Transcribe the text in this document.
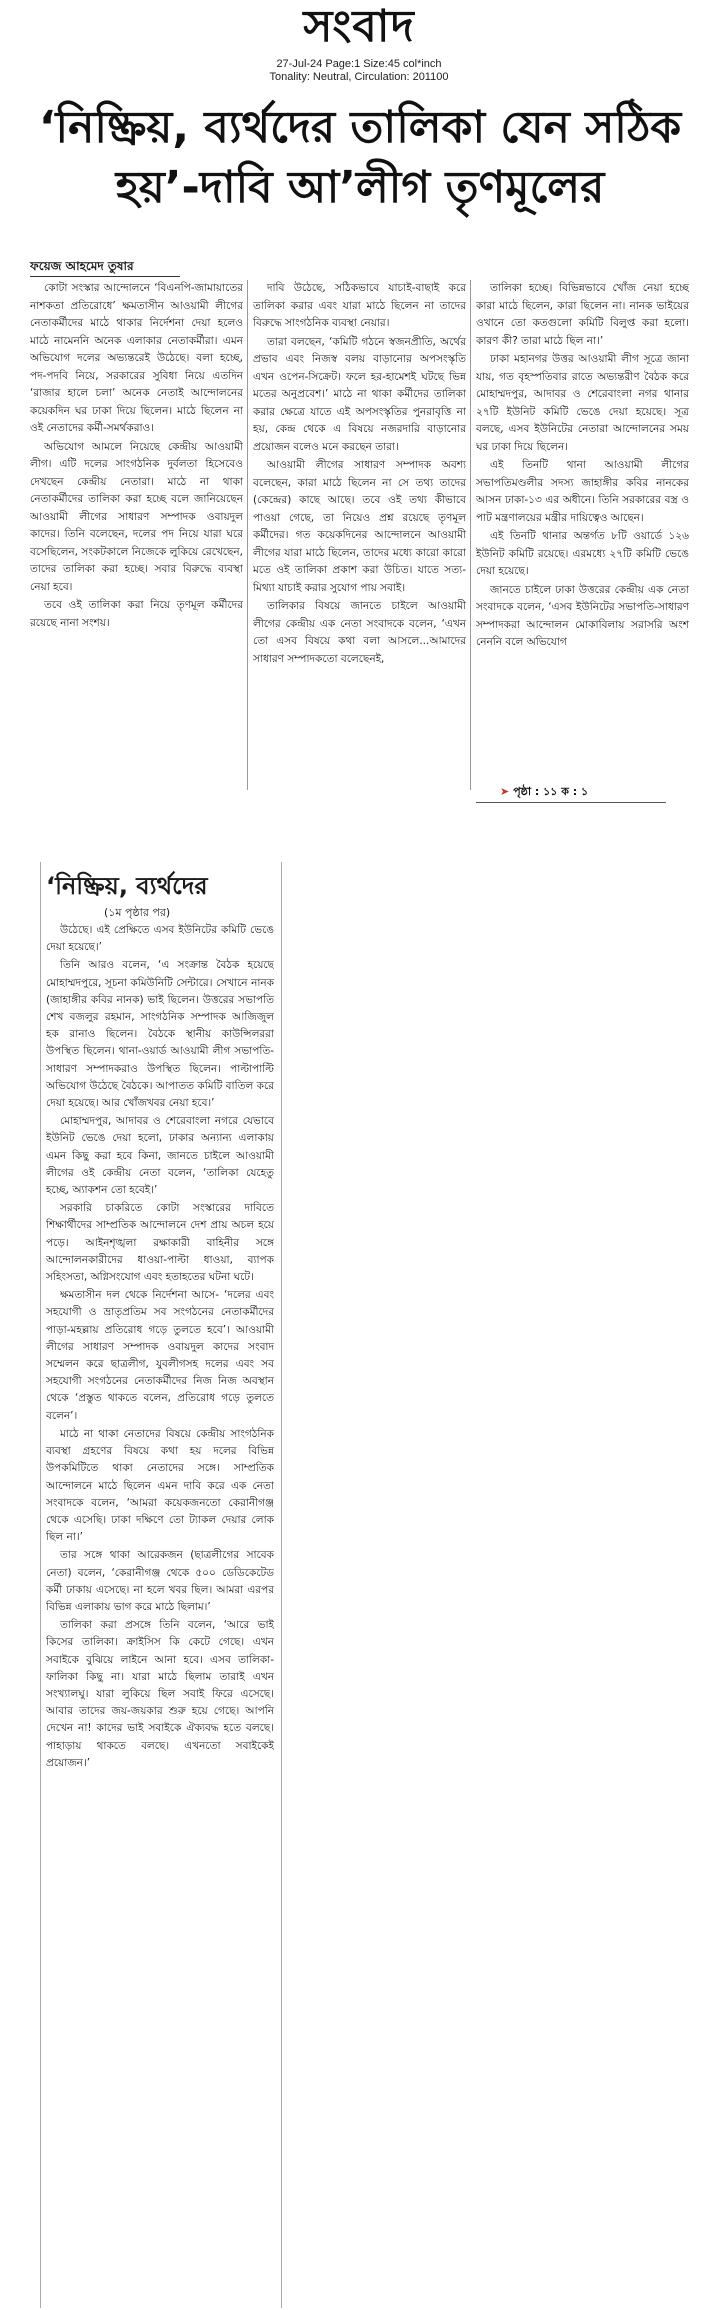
সংবাদ
27-Jul-24 Page:1 Size:45 col*inch
Tonality: Neutral, Circulation: 201100
‘নিষ্ক্রিয়, ব্যর্থদের তালিকা যেন সঠিক হয়’-দাবি আ’লীগ তৃণমূলের
ফয়েজ আহমেদ তুষার

কোটা সংস্কার আন্দোলনে ‘বিএনপি-জামায়াতের নাশকতা প্রতিরোধে’ ক্ষমতাসীন আওয়ামী লীগের নেতাকর্মীদের মাঠে থাকার নির্দেশনা দেয়া হলেও মাঠে নামেননি অনেক এলাকার নেতাকর্মীরা। এমন অভিযোগ দলের অভ্যন্তরেই উঠেছে। বলা হচ্ছে, পদ-পদবি নিয়ে, সরকারের সুবিধা নিয়ে এতদিন ‘রাজার হালে চলা’ অনেক নেতাই আন্দোলনের কয়েকদিন ঘর ঢাকা দিয়ে ছিলেন। মাঠে ছিলেন না ওই নেতাদের কর্মী-সমর্থকরাও।

অভিযোগ আমলে নিয়েছে কেন্দ্রীয় আওয়ামী লীগ। এটি দলের সাংগঠনিক দুর্বলতা হিসেবেও দেখছেন কেন্দ্রীয় নেতারা। মাঠে না থাকা নেতাকর্মীদের তালিকা করা হচ্ছে বলে জানিয়েছেন আওয়ামী লীগের সাধারণ সম্পাদক ওবায়দুল কাদের। তিনি বলেছেন, দলের পদ নিয়ে যারা ঘরে বসেছিলেন, সংকটকালে নিজেকে লুকিয়ে রেখেছেন, তাদের তালিকা করা হচ্ছে। সবার বিরুদ্ধে ব্যবস্থা নেয়া হবে।

তবে ওই তালিকা করা নিয়ে তৃণমূল কর্মীদের রয়েছে নানা সংশয়।

দাবি উঠেছে, সঠিকভাবে যাচাই-বাছাই করে তালিকা করার এবং যারা মাঠে ছিলেন না তাদের বিরুদ্ধে সাংগঠনিক ব্যবস্থা নেয়ার।

তারা বলছেন, ‘কমিটি গঠনে স্বজনপ্রীতি, অর্থের প্রভাব এবং নিজস্ব বলয় বাড়ানোর অপসংস্কৃতি এখন ওপেন-সিক্রেট। ফলে হর-হামেশই ঘটছে ভিন্ন মতের অনুপ্রবেশ।’ মাঠে না থাকা কর্মীদের তালিকা করার ক্ষেত্রে যাতে এই অপসংস্কৃতির পুনরাবৃত্তি না হয়, কেন্দ্র থেকে এ বিষয়ে নজরদারি বাড়ানোর প্রয়োজন বলেও মনে করছেন তারা।

আওয়ামী লীগের সাধারণ সম্পাদক অবশ্য বলেছেন, কারা মাঠে ছিলেন না সে তথ্য তাদের (কেন্দ্রের) কাছে আছে। তবে ওই তথ্য কীভাবে পাওয়া গেছে, তা নিয়েও প্রশ্ন রয়েছে তৃণমূল কর্মীদের। গত কয়েকদিনের আন্দোলনে আওয়ামী লীগের যারা মাঠে ছিলেন, তাদের মধ্যে কারো কারো মতে ওই তালিকা প্রকাশ করা উচিত। যাতে সত্য-মিথ্যা যাচাই করার সুযোগ পায় সবাই।

তালিকার বিষয়ে জানতে চাইলে আওয়ামী লীগের কেন্দ্রীয় এক নেতা সংবাদকে বলেন, ‘এখন তো এসব বিষয়ে কথা বলা আসলে...আমাদের সাধারণ সম্পাদকতো বলেছেনই,

তালিকা হচ্ছে। বিভিন্নভাবে খোঁজ নেয়া হচ্ছে কারা মাঠে ছিলেন, কারা ছিলেন না। নানক ভাইয়ের ওখানে তো কতগুলো কমিটি বিলুপ্ত করা হলো। কারণ কী? তারা মাঠে ছিল না।’

ঢাকা মহানগর উত্তর আওয়ামী লীগ সূত্রে জানা যায়, গত বৃহস্পতিবার রাতে অভ্যন্তরীণ বৈঠক করে মোহাম্মদপুর, আদাবর ও শেরেবাংলা নগর থানার ২৭টি ইউনিট কমিটি ভেঙে দেয়া হয়েছে। সূত্র বলছে, এসব ইউনিটের নেতারা আন্দোলনের সময় ঘর ঢাকা দিয়ে ছিলেন।

এই তিনটি থানা আওয়ামী লীগের সভাপতিমণ্ডলীর সদস্য জাহাঙ্গীর কবির নানকের আসন ঢাকা-১৩ এর অধীনে। তিনি সরকারের বস্ত্র ও পাট মন্ত্রণালয়ের মন্ত্রীর দায়িত্বেও আছেন।

এই তিনটি থানার অন্তর্গত ৮টি ওয়ার্ডে ১২৬ ইউনিট কমিটি রয়েছে। এরমধ্যে ২৭টি কমিটি ভেঙে দেয়া হয়েছে।

জানতে চাইলে ঢাকা উত্তরের কেন্দ্রীয় এক নেতা সংবাদকে বলেন, ‘এসব ইউনিটের সভাপতি-সাধারণ সম্পাদকরা আন্দোলন মোকাবিলায় সরাসরি অংশ নেননি বলে অভিযোগ

➤ পৃষ্ঠা : ১১ ক : ১
‘নিষ্ক্রিয়, ব্যর্থদের
(১ম পৃষ্ঠার পর)

উঠেছে। এই প্রেক্ষিতে এসব ইউনিটের কমিটি ভেঙে দেয়া হয়েছে।’

তিনি আরও বলেন, ‘এ সংক্রান্ত বৈঠক হয়েছে মোহাম্মদপুরে, সূচনা কমিউনিটি সেন্টারে। সেখানে নানক (জাহাঙ্গীর কবির নানক) ভাই ছিলেন। উত্তরের সভাপতি শেখ বজলুর রহমান, সাংগঠনিক সম্পাদক আজিজুল হক রানাও ছিলেন। বৈঠকে স্থানীয় কাউন্সিলররা উপস্থিত ছিলেন। থানা-ওয়ার্ড আওয়ামী লীগ সভাপতি-সাধারণ সম্পাদকরাও উপস্থিত ছিলেন। পাল্টাপাল্টি অভিযোগ উঠেছে বৈঠকে। আপাতত কমিটি বাতিল করে দেয়া হয়েছে। আর খোঁজখবর নেয়া হবে।’

মোহাম্মদপুর, আদাবর ও শেরেবাংলা নগরে যেভাবে ইউনিট ভেঙে দেয়া হলো, ঢাকার অন্যান্য এলাকায় এমন কিছু করা হবে কিনা, জানতে চাইলে আওয়ামী লীগের ওই কেন্দ্রীয় নেতা বলেন, ‘তালিকা যেহেতু হচ্ছে, অ্যাকশন তো হবেই।’

সরকারি চাকরিতে কোটা সংস্কারের দাবিতে শিক্ষার্থীদের সাম্প্রতিক আন্দোলনে দেশ প্রায় অচল হয়ে পড়ে। আইনশৃঙ্খলা রক্ষাকারী বাহিনীর সঙ্গে আন্দোলনকারীদের ধাওয়া-পাল্টা ধাওয়া, ব্যাপক সহিংসতা, অগ্নিসংযোগ এবং হতাহতের ঘটনা ঘটে।

ক্ষমতাসীন দল থেকে নির্দেশনা আসে- ‘দলের এবং সহযোগী ও ভ্রাতৃপ্রতিম সব সংগঠনের নেতাকর্মীদের পাড়া-মহল্লায় প্রতিরোধ গড়ে তুলতে হবে’। আওয়ামী লীগের সাধারণ সম্পাদক ওবায়দুল কাদের সংবাদ সম্মেলন করে ছাত্রলীগ, যুবলীগসহ দলের এবং সব সহযোগী সংগঠনের নেতাকর্মীদের নিজ নিজ অবস্থান থেকে ‘প্রস্তুত থাকতে বলেন, প্রতিরোধ গড়ে তুলতে বলেন’।

মাঠে না থাকা নেতাদের বিষয়ে কেন্দ্রীয় সাংগঠনিক ব্যবস্থা গ্রহণের বিষয়ে কথা হয় দলের বিভিন্ন উপকমিটিতে থাকা নেতাদের সঙ্গে। সাম্প্রতিক আন্দোলনে মাঠে ছিলেন এমন দাবি করে এক নেতা সংবাদকে বলেন, ‘আমরা কয়েকজনতো কেরানীগঞ্জ থেকে এসেছি। ঢাকা দক্ষিণে তো ট্যাকল দেয়ার লোক ছিল না।’

তার সঙ্গে থাকা আরেকজন (ছাত্রলীগের সাবেক নেতা) বলেন, ‘কেরানীগঞ্জ থেকে ৫০০ ডেডিকেটেড কর্মী ঢাকায় এসেছে। না হলে খবর ছিল। আমরা এরপর বিভিন্ন এলাকায় ভাগ করে মাঠে ছিলাম।’

তালিকা করা প্রসঙ্গে তিনি বলেন, ‘আরে ভাই কিসের তালিকা। ক্রাইসিস কি কেটে গেছে। এখন সবাইকে বুঝিয়ে লাইনে আনা হবে। এসব তালিকা-ফালিকা কিছু না। যারা মাঠে ছিলাম তারাই এখন সংখ্যালঘু। যারা লুকিয়ে ছিল সবাই ফিরে এসেছে। আবার তাদের জয়-জয়কার শুরু হয়ে গেছে। আপনি দেখেন না! কাদের ভাই সবাইকে ঐক্যবদ্ধ হতে বলছে। পাহাড়ায় থাকতে বলছে। এখনতো সবাইকেই প্রয়োজন।’
